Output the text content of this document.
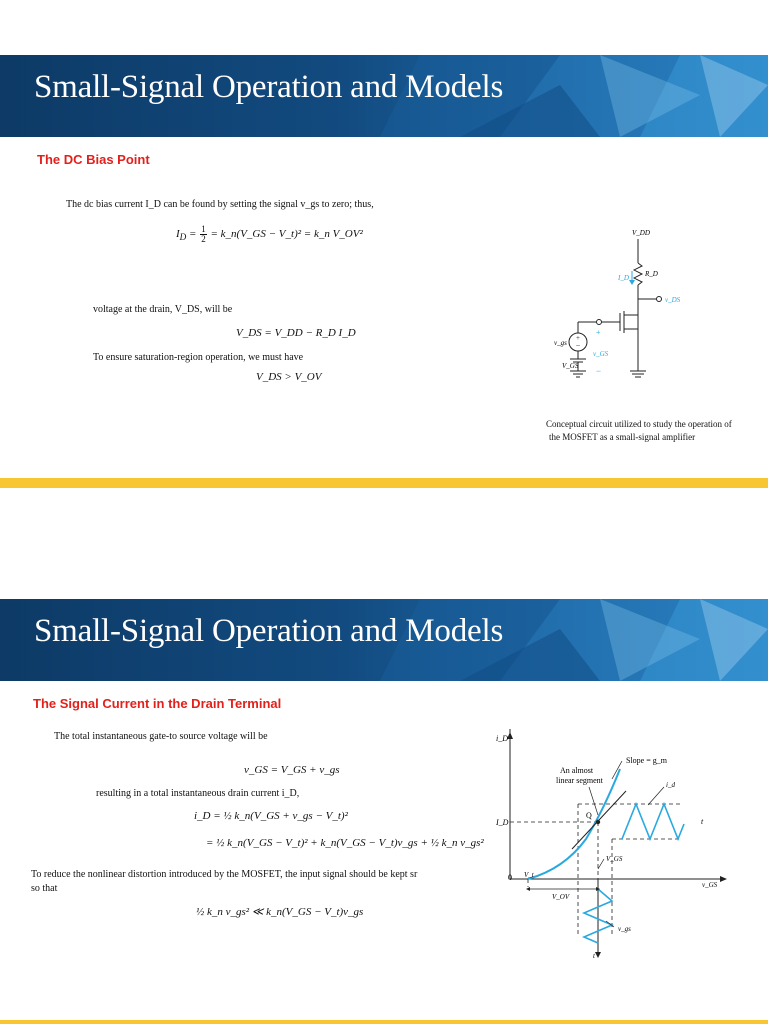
Small-Signal Operation and Models
The DC Bias Point
The dc bias current I_D can be found by setting the signal v_gs to zero; thus,
$I_D = \frac{1}{2}$ = k_n(V_GS − V_t)² = k_n V_OV²
voltage at the drain, V_DS, will be
V_DS = V_DD − R_D I_D
To ensure saturation-region operation, we must have
V_DS > V_OV
+
−
V_DD
R_D
I_D
v_DS
v_gs
+
v_GS
−
V_GS
Conceptual circuit utilized to study the operation of
the MOSFET as a small-signal amplifier
Small-Signal Operation and Models
The Signal Current in the Drain Terminal
The total instantaneous gate-to source voltage will be
v_GS = V_GS + v_gs
resulting in a total instantaneous drain current i_D,
i_D = ½ k_n(V_GS + v_gs − V_t)²
= ½ k_n(V_GS − V_t)² + k_n(V_GS − V_t)v_gs + ½ k_n v_gs²
To reduce the nonlinear distortion introduced by the MOSFET, the input signal should be kept sr
so that
½ k_n v_gs² ≪ k_n(V_GS − V_t)v_gs
i_D
An almost
linear segment
Slope = g_m
i_d
t
Q
I_D
V_GS
0 V_t
V_OV
v_GS
v_gs
t
